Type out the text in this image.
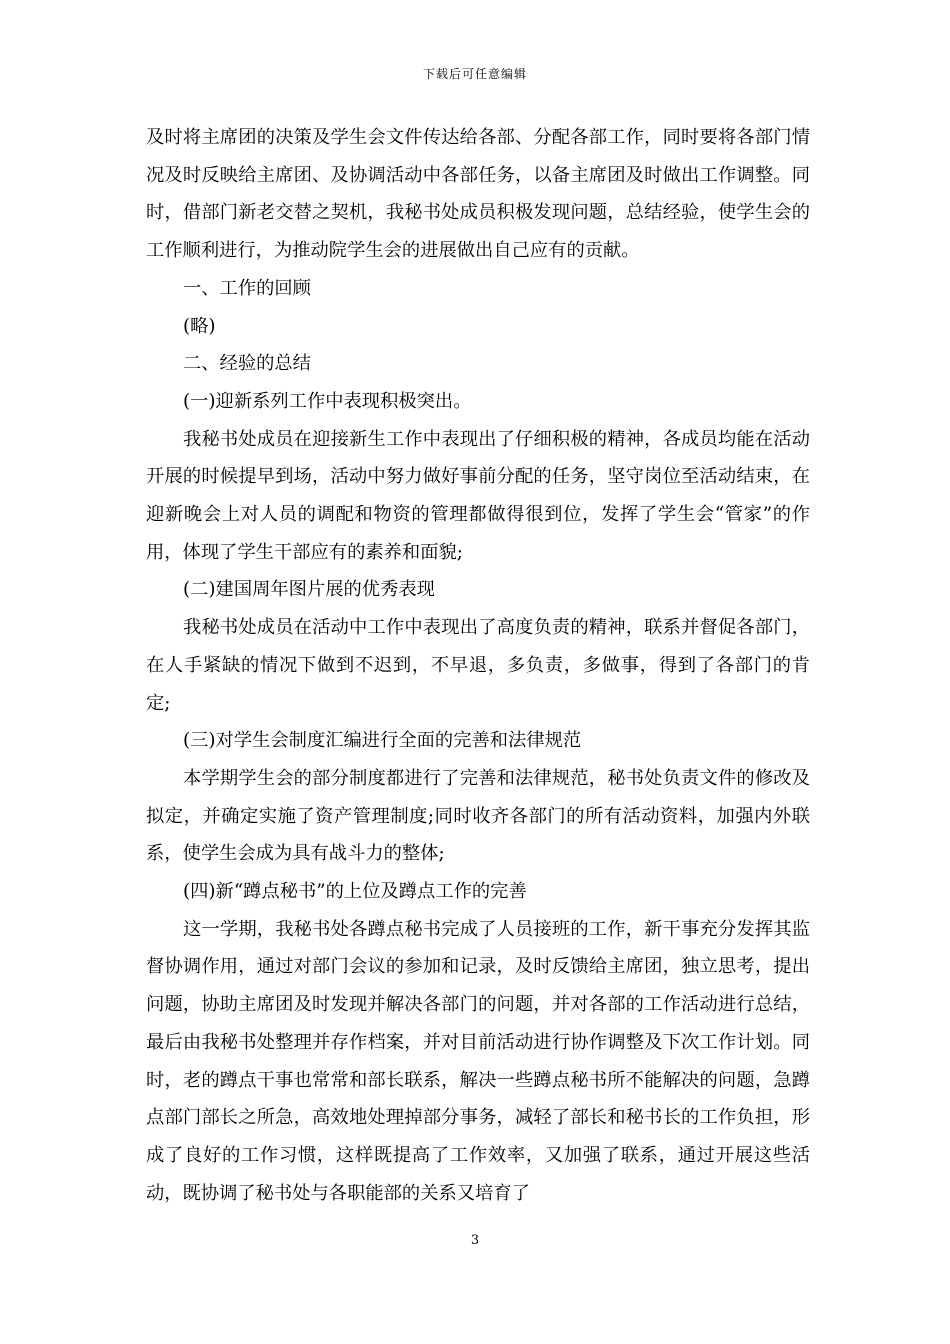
下载后可任意编辑

及时将主席团的决策及学生会文件传达给各部、分配各部工作，同时要将各部门情况及时反映给主席团、及协调活动中各部任务，以备主席团及时做出工作调整。同时，借部门新老交替之契机，我秘书处成员积极发现问题，总结经验，使学生会的工作顺利进行，为推动院学生会的进展做出自己应有的贡献。

一、工作的回顾

(略)

二、经验的总结

(一)迎新系列工作中表现积极突出。

我秘书处成员在迎接新生工作中表现出了仔细积极的精神，各成员均能在活动开展的时候提早到场，活动中努力做好事前分配的任务，坚守岗位至活动结束，在迎新晚会上对人员的调配和物资的管理都做得很到位，发挥了学生会“管家”的作用，体现了学生干部应有的素养和面貌;

(二)建国周年图片展的优秀表现

我秘书处成员在活动中工作中表现出了高度负责的精神，联系并督促各部门，在人手紧缺的情况下做到不迟到，不早退，多负责，多做事，得到了各部门的肯定;

(三)对学生会制度汇编进行全面的完善和法律规范

本学期学生会的部分制度都进行了完善和法律规范，秘书处负责文件的修改及拟定，并确定实施了资产管理制度;同时收齐各部门的所有活动资料，加强内外联系，使学生会成为具有战斗力的整体;

(四)新“蹲点秘书”的上位及蹲点工作的完善

这一学期，我秘书处各蹲点秘书完成了人员接班的工作，新干事充分发挥其监督协调作用，通过对部门会议的参加和记录，及时反馈给主席团，独立思考，提出问题，协助主席团及时发现并解决各部门的问题，并对各部的工作活动进行总结，最后由我秘书处整理并存作档案，并对目前活动进行协作调整及下次工作计划。同时，老的蹲点干事也常常和部长联系，解决一些蹲点秘书所不能解决的问题，急蹲点部门部长之所急，高效地处理掉部分事务，减轻了部长和秘书长的工作负担，形成了良好的工作习惯，这样既提高了工作效率，又加强了联系，通过开展这些活动，既协调了秘书处与各职能部的关系又培育了

3
